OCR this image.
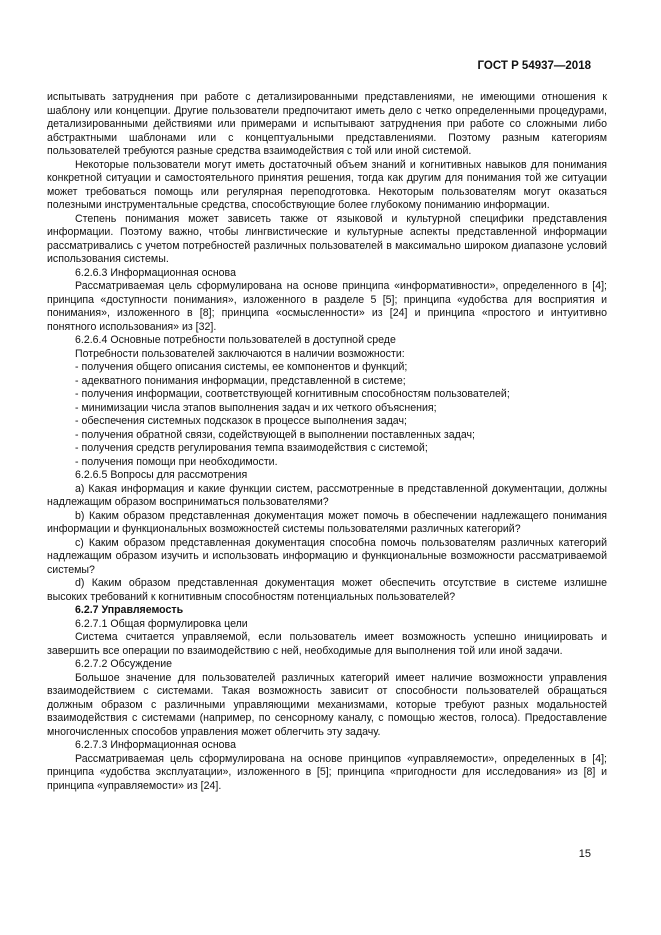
ГОСТ Р 54937—2018

испытывать затруднения при работе с детализированными представлениями, не имеющими отношения к шаблону или концепции. Другие пользователи предпочитают иметь дело с четко определенными процедурами, детализированными действиями или примерами и испытывают затруднения при работе со сложными либо абстрактными шаблонами или с концептуальными представлениями. Поэтому разным категориям пользователей требуются разные средства взаимодействия с той или иной системой.

Некоторые пользователи могут иметь достаточный объем знаний и когнитивных навыков для понимания конкретной ситуации и самостоятельного принятия решения, тогда как другим для понимания той же ситуации может требоваться помощь или регулярная переподготовка. Некоторым пользователям могут оказаться полезными инструментальные средства, способствующие более глубокому пониманию информации.

Степень понимания может зависеть также от языковой и культурной специфики представления информации. Поэтому важно, чтобы лингвистические и культурные аспекты представленной информации рассматривались с учетом потребностей различных пользователей в максимально широком диапазоне условий использования системы.

6.2.6.3 Информационная основа

Рассматриваемая цель сформулирована на основе принципа «информативности», определенного в [4]; принципа «доступности понимания», изложенного в разделе 5 [5]; принципа «удобства для восприятия и понимания», изложенного в [8]; принципа «осмысленности» из [24] и принципа «простого и интуитивно понятного использования» из [32].

6.2.6.4 Основные потребности пользователей в доступной среде

Потребности пользователей заключаются в наличии возможности:

- получения общего описания системы, ее компонентов и функций;

- адекватного понимания информации, представленной в системе;

- получения информации, соответствующей когнитивным способностям пользователей;

- минимизации числа этапов выполнения задач и их четкого объяснения;

- обеспечения системных подсказок в процессе выполнения задач;

- получения обратной связи, содействующей в выполнении поставленных задач;

- получения средств регулирования темпа взаимодействия с системой;

- получения помощи при необходимости.

6.2.6.5 Вопросы для рассмотрения

a) Какая информация и какие функции систем, рассмотренные в представленной документации, должны надлежащим образом восприниматься пользователями?

b) Каким образом представленная документация может помочь в обеспечении надлежащего понимания информации и функциональных возможностей системы пользователями различных категорий?

c) Каким образом представленная документация способна помочь пользователям различных категорий надлежащим образом изучить и использовать информацию и функциональные возможности рассматриваемой системы?

d) Каким образом представленная документация может обеспечить отсутствие в системе излишне высоких требований к когнитивным способностям потенциальных пользователей?

6.2.7 Управляемость

6.2.7.1 Общая формулировка цели

Система считается управляемой, если пользователь имеет возможность успешно инициировать и завершить все операции по взаимодействию с ней, необходимые для выполнения той или иной задачи.

6.2.7.2 Обсуждение

Большое значение для пользователей различных категорий имеет наличие возможности управления взаимодействием с системами. Такая возможность зависит от способности пользователей обращаться должным образом с различными управляющими механизмами, которые требуют разных модальностей взаимодействия с системами (например, по сенсорному каналу, с помощью жестов, голоса). Предоставление многочисленных способов управления может облегчить эту задачу.

6.2.7.3 Информационная основа

Рассматриваемая цель сформулирована на основе принципов «управляемости», определенных в [4]; принципа «удобства эксплуатации», изложенного в [5]; принципа «пригодности для исследования» из [8] и принципа «управляемости» из [24].

15
